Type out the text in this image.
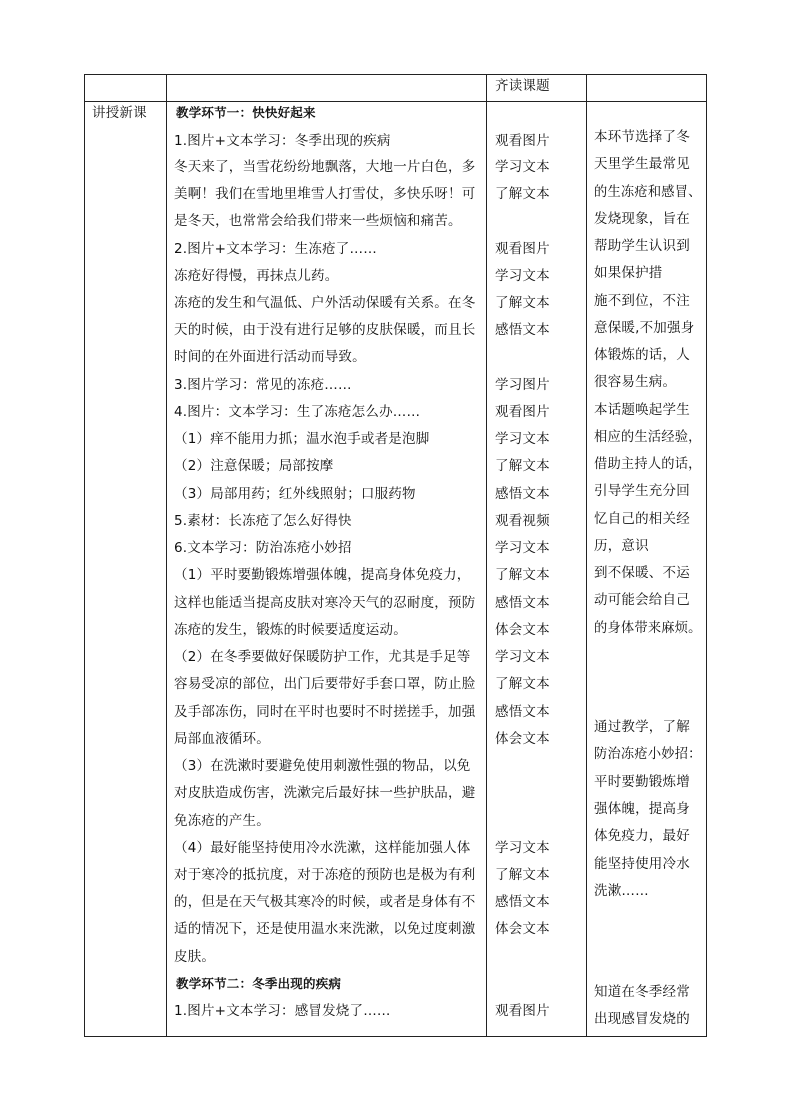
齐读课题
讲授新课 教学环节一：快快好起来
1.图片+文本学习：冬季出现的疾病
冬天来了，当雪花纷纷地飘落，大地一片白色，多
美啊！我们在雪地里堆雪人打雪仗，多快乐呀！可
是冬天，也常常会给我们带来一些烦恼和痛苦。
2.图片+文本学习：生冻疮了……
冻疮好得慢，再抹点儿药。
冻疮的发生和气温低、户外活动保暖有关系。在冬
天的时候，由于没有进行足够的皮肤保暖，而且长
时间的在外面进行活动而导致。
3.图片学习：常见的冻疮……
4.图片：文本学习：生了冻疮怎么办……
（1）痒不能用力抓；温水泡手或者是泡脚
（2）注意保暖；局部按摩
（3）局部用药；红外线照射；口服药物
5.素材：长冻疮了怎么好得快
6.文本学习：防治冻疮小妙招
（1）平时要勤锻炼增强体魄，提高身体免疫力，
这样也能适当提高皮肤对寒冷天气的忍耐度，预防
冻疮的发生，锻炼的时候要适度运动。
（2）在冬季要做好保暖防护工作，尤其是手足等
容易受凉的部位，出门后要带好手套口罩，防止脸
及手部冻伤，同时在平时也要时不时搓搓手，加强
局部血液循环。
（3）在洗漱时要避免使用刺激性强的物品，以免
对皮肤造成伤害，洗漱完后最好抹一些护肤品，避
免冻疮的产生。
（4）最好能坚持使用冷水洗漱，这样能加强人体
对于寒冷的抵抗度，对于冻疮的预防也是极为有利
的，但是在天气极其寒冷的时候，或者是身体有不
适的情况下，还是使用温水来洗漱，以免过度刺激
皮肤。
教学环节二：冬季出现的疾病
1.图片+文本学习：感冒发烧了……
观看图片
学习文本
了解文本
观看图片
学习文本
了解文本
感悟文本
学习图片
观看图片
学习文本
了解文本
感悟文本
观看视频
学习文本
了解文本
感悟文本
体会文本
学习文本
了解文本
感悟文本
体会文本
学习文本
了解文本
感悟文本
体会文本
观看图片
本环节选择了冬
天里学生最常见
的生冻疮和感冒、
发烧现象，旨在
帮助学生认识到
如果保护措
施不到位，不注
意保暖,不加强身
体锻炼的话，人
很容易生病。
本话题唤起学生
相应的生活经验，
借助主持人的话，
引导学生充分回
忆自己的相关经
历，意识
到不保暖、不运
动可能会给自己
的身体带来麻烦。
通过教学，了解
防治冻疮小妙招：
平时要勤锻炼增
强体魄，提高身
体免疫力，最好
能坚持使用冷水
洗漱……
知道在冬季经常
出现感冒发烧的
